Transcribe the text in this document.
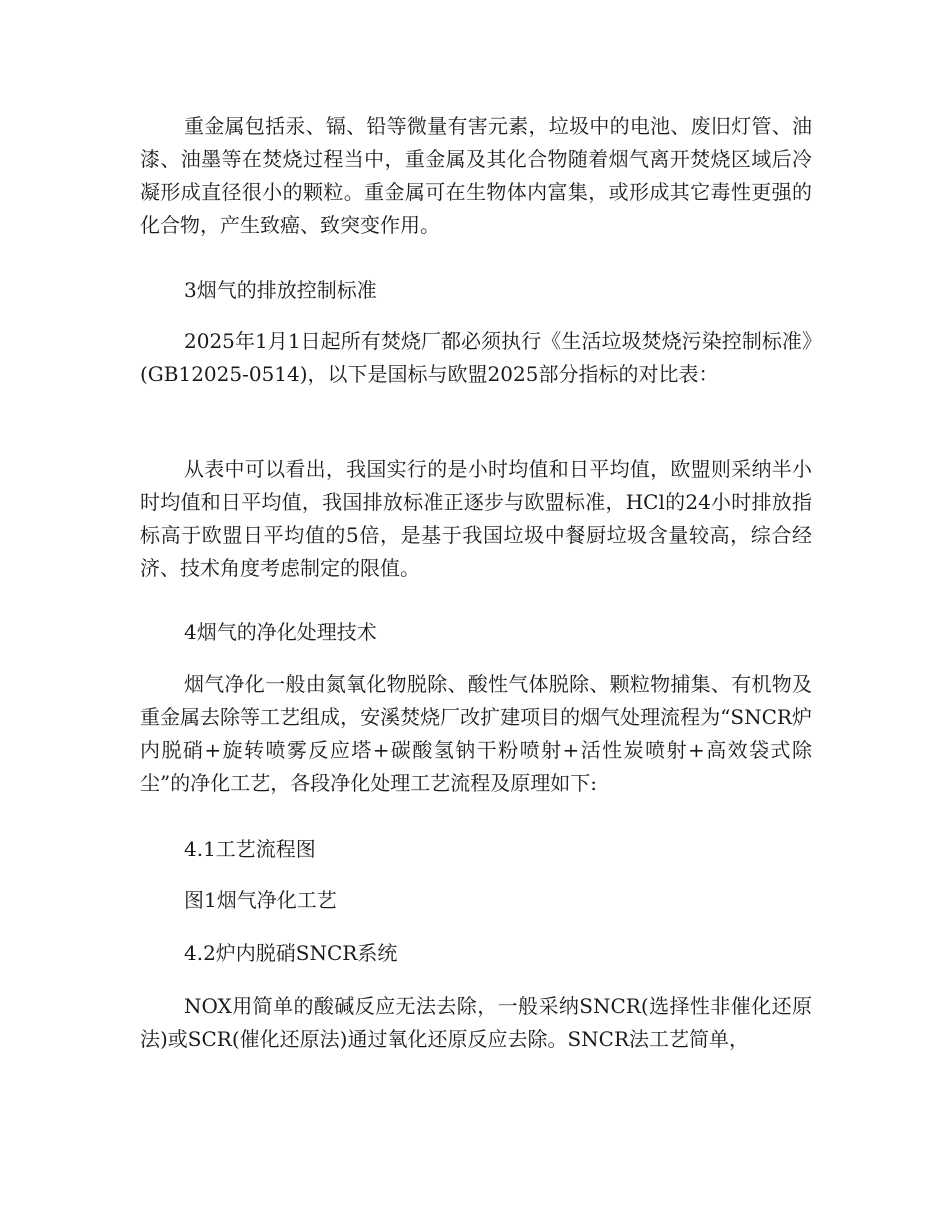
重金属包括汞、镉、铅等微量有害元素，垃圾中的电池、废旧灯管、油漆、油墨等在焚烧过程当中，重金属及其化合物随着烟气离开焚烧区域后冷凝形成直径很小的颗粒。重金属可在生物体内富集，或形成其它毒性更强的化合物，产生致癌、致突变作用。

3烟气的排放控制标准

2025年1月1日起所有焚烧厂都必须执行《生活垃圾焚烧污染控制标准》(GB12025-0514)，以下是国标与欧盟2025部分指标的对比表：

从表中可以看出，我国实行的是小时均值和日平均值，欧盟则采纳半小时均值和日平均值，我国排放标准正逐步与欧盟标准，HCl的24小时排放指标高于欧盟日平均值的5倍，是基于我国垃圾中餐厨垃圾含量较高，综合经济、技术角度考虑制定的限值。

4烟气的净化处理技术

烟气净化一般由氮氧化物脱除、酸性气体脱除、颗粒物捕集、有机物及重金属去除等工艺组成，安溪焚烧厂改扩建项目的烟气处理流程为“SNCR炉内脱硝+旋转喷雾反应塔+碳酸氢钠干粉喷射+活性炭喷射+高效袋式除尘”的净化工艺，各段净化处理工艺流程及原理如下:

4.1工艺流程图

图1烟气净化工艺

4.2炉内脱硝SNCR系统

NOX用简单的酸碱反应无法去除，一般采纳SNCR(选择性非催化还原法)或SCR(催化还原法)通过氧化还原反应去除。SNCR法工艺简单，
